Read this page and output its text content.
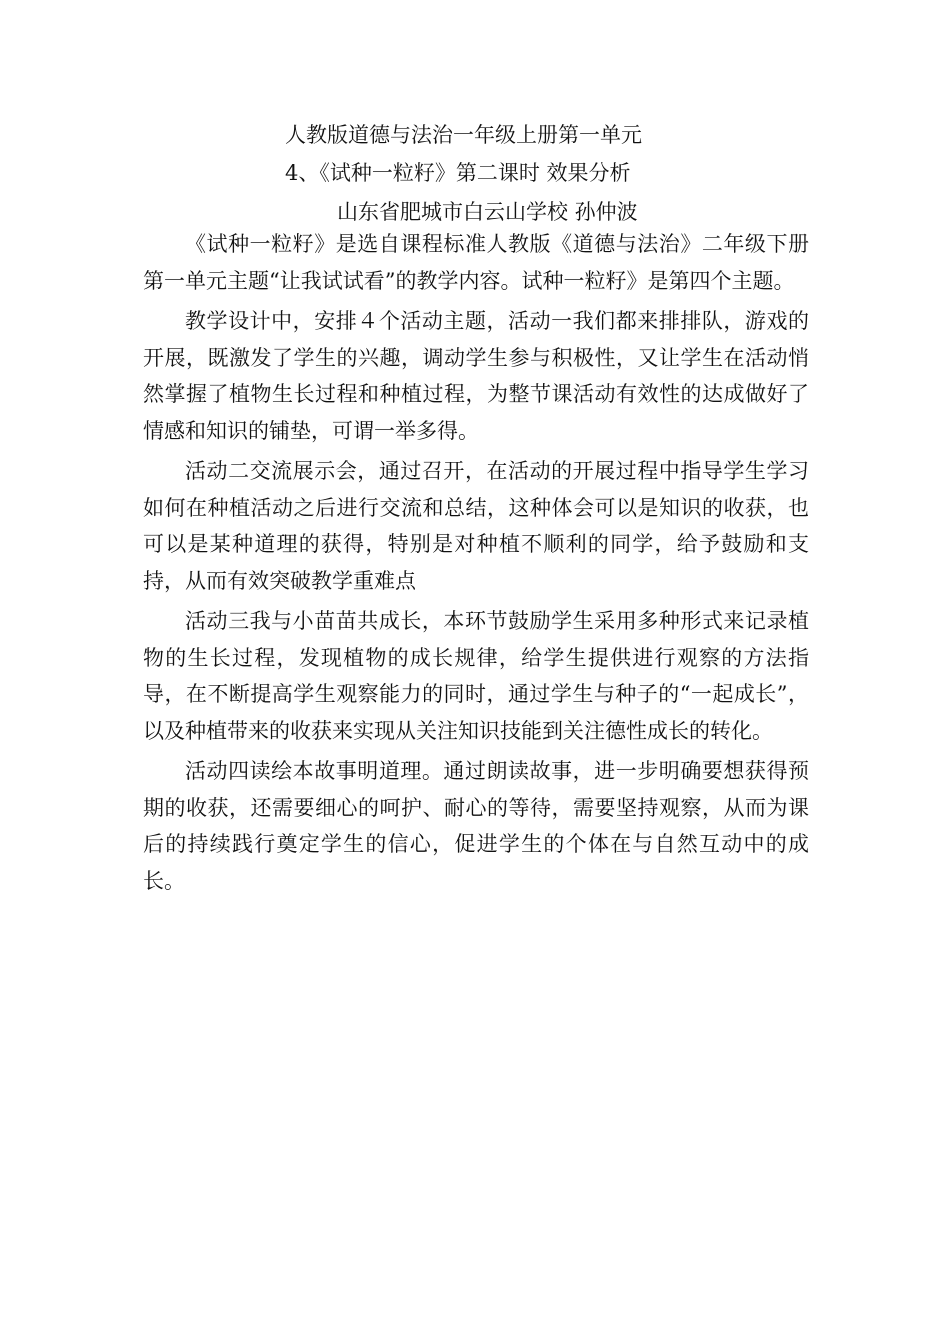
人教版道德与法治一年级上册第一单元
4、《试种一粒籽》第二课时 效果分析
山东省肥城市白云山学校 孙仲波

《试种一粒籽》是选自课程标准人教版《道德与法治》二年级下册第一单元主题“让我试试看”的教学内容。试种一粒籽》是第四个主题。

教学设计中，安排４个活动主题，活动一我们都来排排队，游戏的开展，既激发了学生的兴趣，调动学生参与积极性，又让学生在活动悄然掌握了植物生长过程和种植过程，为整节课活动有效性的达成做好了情感和知识的铺垫，可谓一举多得。

活动二交流展示会，通过召开，在活动的开展过程中指导学生学习如何在种植活动之后进行交流和总结，这种体会可以是知识的收获，也可以是某种道理的获得，特别是对种植不顺利的同学，给予鼓励和支持，从而有效突破教学重难点

活动三我与小苗苗共成长，本环节鼓励学生采用多种形式来记录植物的生长过程，发现植物的成长规律，给学生提供进行观察的方法指导，在不断提高学生观察能力的同时，通过学生与种子的“一起成长”，以及种植带来的收获来实现从关注知识技能到关注德性成长的转化。

活动四读绘本故事明道理。通过朗读故事，进一步明确要想获得预期的收获，还需要细心的呵护、耐心的等待，需要坚持观察，从而为课后的持续践行奠定学生的信心，促进学生的个体在与自然互动中的成长。
